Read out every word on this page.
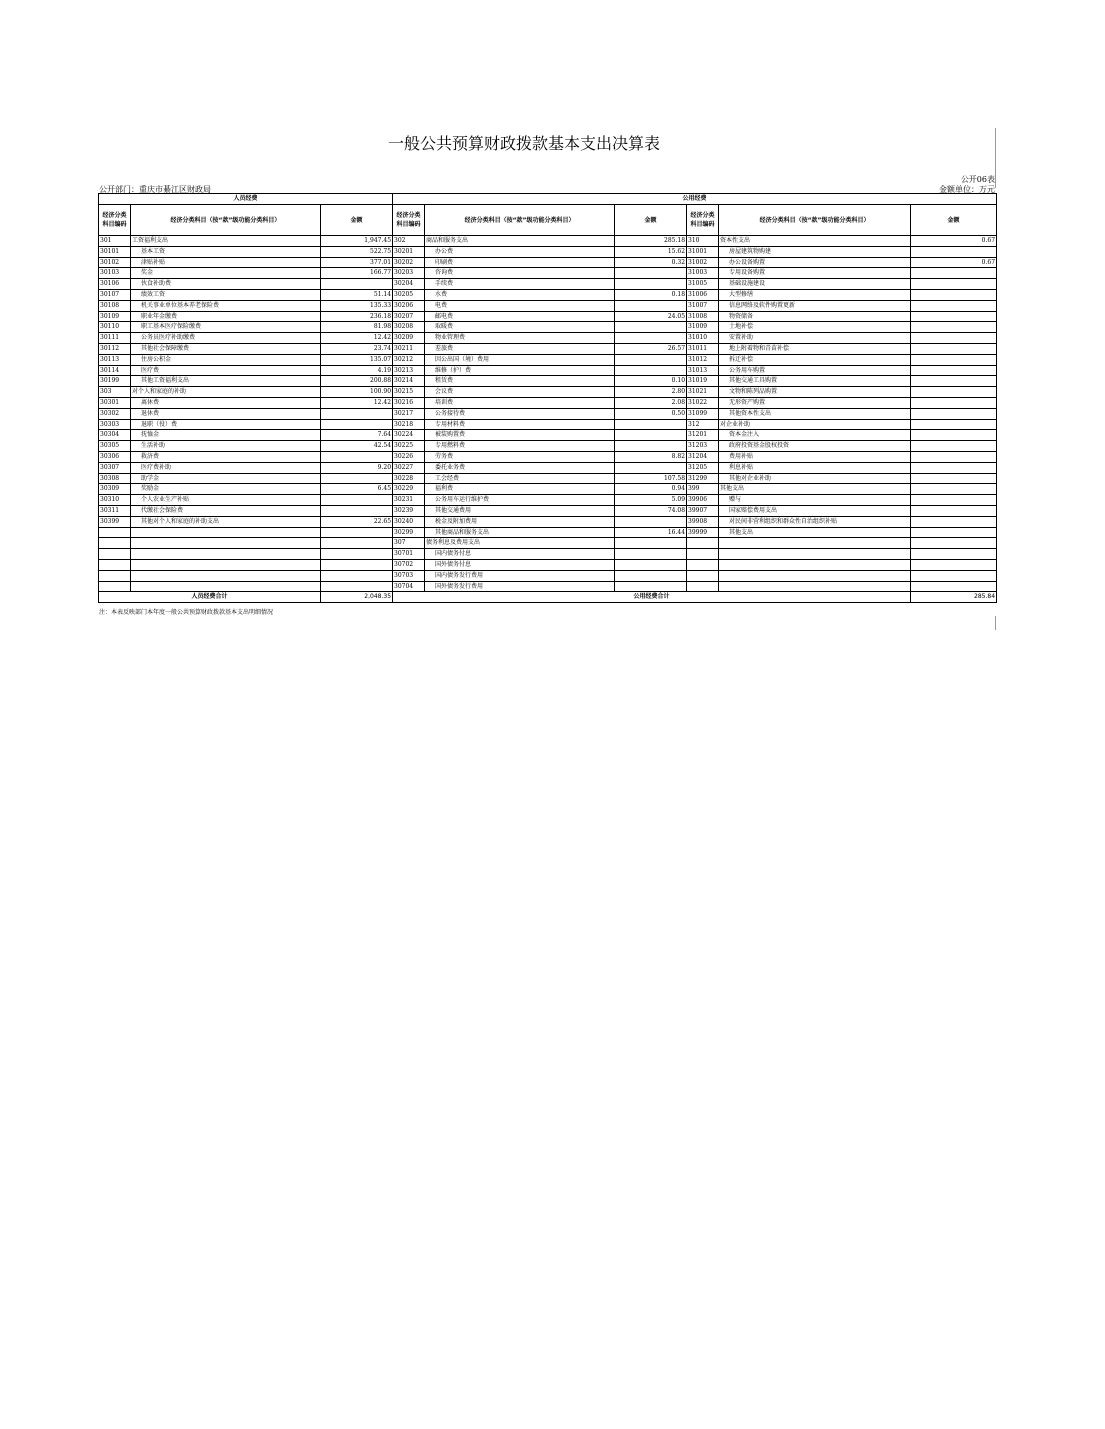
一般公共预算财政拨款基本支出决算表
公开06表
公开部门：重庆市綦江区财政局	金额单位：万元
人员经费			公用经费					
经济分类科目编码	经济分类科目（按“款”级功能分类科目）	金额	经济分类科目编码	经济分类科目（按“款”级功能分类科目）	金额	经济分类科目编码	经济分类科目（按“款”级功能分类科目）	金额
301	工资福利支出	1,947.45	302	商品和服务支出	285.18	310	资本性支出	0.67
30101	基本工资	522.75	30201	办公费	15.62	31001	房屋建筑物购建	
30102	津贴补贴	377.01	30202	印刷费	0.32	31002	办公设备购置	0.67
30103	奖金	166.77	30203	咨询费		31003	专用设备购置	
30106	伙食补助费		30204	手续费		31005	基础设施建设	
30107	绩效工资	51.14	30205	水费	0.18	31006	大型修缮	
30108	机关事业单位基本养老保险费	135.33	30206	电费		31007	信息网络及软件购置更新	
30109	职业年金缴费	236.18	30207	邮电费	24.05	31008	物资储备	
30110	职工基本医疗保险缴费	81.98	30208	取暖费		31009	土地补偿	
30111	公务员医疗补助缴费	12.42	30209	物业管理费		31010	安置补助	
30112	其他社会保障缴费	23.74	30211	差旅费	26.57	31011	地上附着物和青苗补偿	
30113	住房公积金	135.07	30212	因公出国（境）费用		31012	拆迁补偿	
30114	医疗费	4.19	30213	维修（护）费		31013	公务用车购置	
30199	其他工资福利支出	200.88	30214	租赁费	0.10	31019	其他交通工具购置	
303	对个人和家庭的补助	100.90	30215	会议费	2.80	31021	文物和陈列品购置	
30301	离休费	12.42	30216	培训费	2.08	31022	无形资产购置	
30302	退休费		30217	公务接待费	0.50	31099	其他资本性支出	
30303	退职（役）费		30218	专用材料费		312	对企业补助	
30304	抚恤金	7.64	30224	被装购置费		31201	资本金注入	
30305	生活补助	42.54	30225	专用燃料费		31203	政府投资基金股权投资	
30306	救济费		30226	劳务费	8.82	31204	费用补贴	
30307	医疗费补助	9.20	30227	委托业务费		31205	利息补贴	
30308	助学金		30228	工会经费	107.58	31299	其他对企业补助	
30309	奖励金	6.45	30229	福利费	0.94	399	其他支出	
30310	个人农业生产补贴		30231	公务用车运行维护费	5.09	39906	赠与	
30311	代缴社会保险费		30239	其他交通费用	74.08	39907	国家赔偿费用支出	
30399	其他对个人和家庭的补助支出	22.65	30240	税金及附加费用		39908	对民间非营利组织和群众性自治组织补贴	
			30299	其他商品和服务支出	16.44	39999	其他支出	
			307	债务利息及费用支出				
			30701	国内债务付息				
			30702	国外债务付息				
			30703	国内债务发行费用				
			30704	国外债务发行费用				
人员经费合计		2,048.35	公用经费合计					285.84
注：本表反映部门本年度一般公共预算财政拨款基本支出明细情况
